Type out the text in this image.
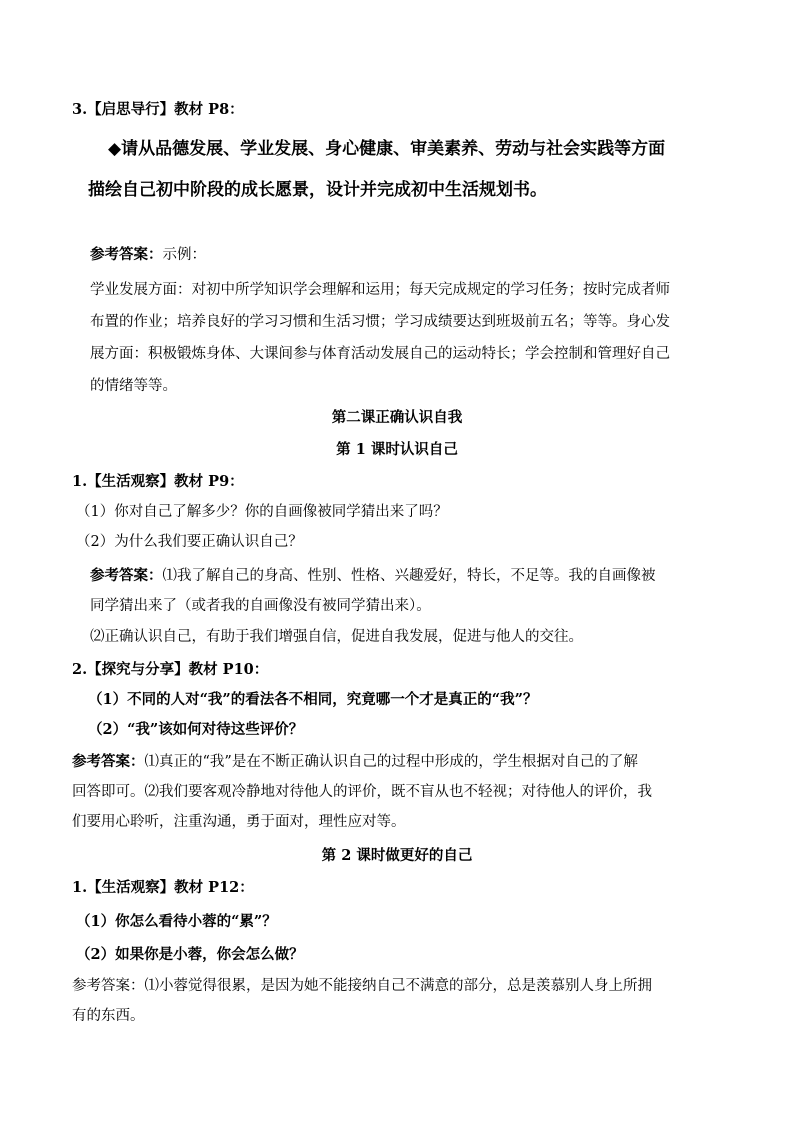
3.【启思导行】教材 P8：
◆请从品德发展、学业发展、身心健康、审美素养、劳动与社会实践等方面
描绘自己初中阶段的成长愿景，设计并完成初中生活规划书。
参考答案：示例：
学业发展方面：对初中所学知识学会理解和运用；每天完成规定的学习任务；按时完成者师
布置的作业；培养良好的学习习惯和生活习惯；学习成绩要达到班圾前五名；等等。身心发
展方面：积极锻炼身体、大课间参与体育活动发展自己的运动特长；学会控制和管理好自己
的情绪等等。
第二课正确认识自我
第 1 课时认识自己
1.【生活观察】教材 P9：
（1）你对自己了解多少？你的自画像被同学猜出来了吗？
（2）为什么我们要正确认识自己？
参考答案：⑴我了解自己的身高、性别、性格、兴趣爱好，特长，不足等。我的自画像被
同学猜出来了（或者我的自画像没有被同学猜出来）。
⑵正确认识自己，有助于我们增强自信，促进自我发展，促进与他人的交往。
2.【探究与分享】教材 P10：
（1）不同的人对“我”的看法各不相同，究竟哪一个才是真正的“我”？
（2）“我”该如何对待这些评价？
参考答案：⑴真正的“我”是在不断正确认识自己的过程中形成的，学生根据对自己的了解
回答即可。⑵我们要客观冷静地对待他人的评价，既不盲从也不轻视；对待他人的评价，我
们要用心聆听，注重沟通，勇于面对，理性应对等。
第 2 课时做更好的自己
1.【生活观察】教材 P12：
（1）你怎么看待小蓉的“累”？
（2）如果你是小蓉，你会怎么做？
参考答案：⑴小蓉觉得很累，是因为她不能接纳自己不满意的部分，总是羡慕别人身上所拥
有的东西。
